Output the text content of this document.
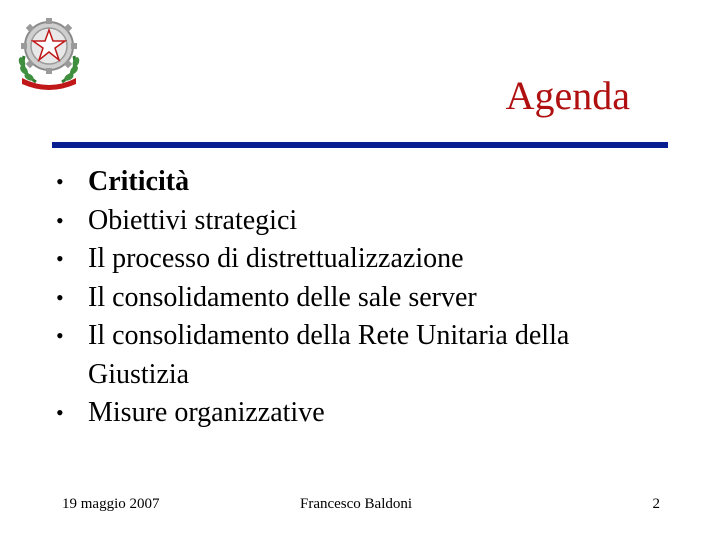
Agenda
• Criticità
• Obiettivi strategici
• Il processo di distrettualizzazione
• Il consolidamento delle sale server
• Il consolidamento della Rete Unitaria della
Giustizia
• Misure organizzative
19 maggio 2007	Francesco Baldoni	2
